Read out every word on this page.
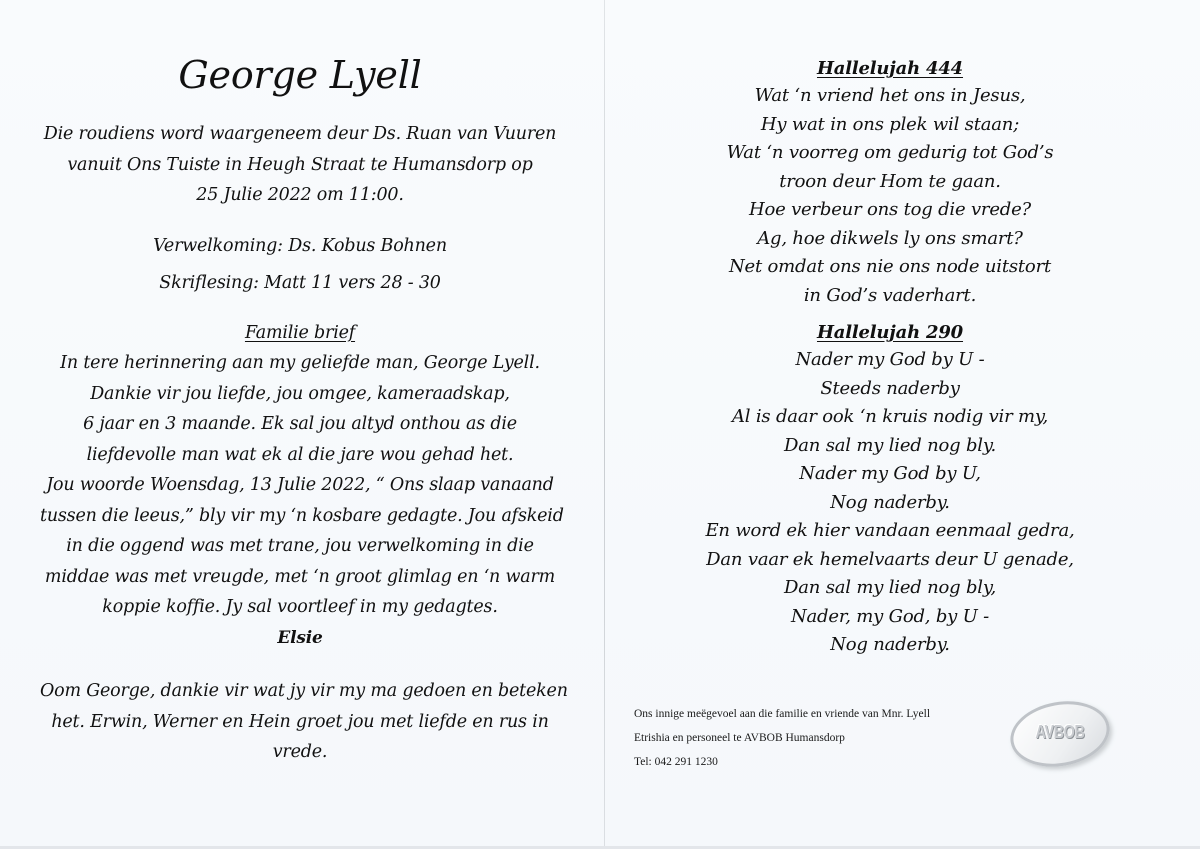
George Lyell
Die roudiens word waargeneem deur Ds. Ruan van Vuuren
vanuit Ons Tuiste in Heugh Straat te Humansdorp op
25 Julie 2022 om 11:00.
Verwelkoming: Ds. Kobus Bohnen
Skriflesing: Matt 11 vers 28 - 30
Familie brief
In tere herinnering aan my geliefde man, George Lyell.
Dankie vir jou liefde, jou omgee, kameraadskap,
6 jaar en 3 maande. Ek sal jou altyd onthou as die
liefdevolle man wat ek al die jare wou gehad het.
Jou woorde Woensdag, 13 Julie 2022, “ Ons slaap vanaand
tussen die leeus,” bly vir my ‘n kosbare gedagte. Jou afskeid
in die oggend was met trane, jou verwelkoming in die
middae was met vreugde, met ‘n groot glimlag en ‘n warm
koppie koffie. Jy sal voortleef in my gedagtes.
Elsie
Oom George, dankie vir wat jy vir my ma gedoen en beteken
het. Erwin, Werner en Hein groet jou met liefde en rus in
vrede.
Hallelujah 444
Wat ‘n vriend het ons in Jesus,
Hy wat in ons plek wil staan;
Wat ‘n voorreg om gedurig tot God’s
troon deur Hom te gaan.
Hoe verbeur ons tog die vrede?
Ag, hoe dikwels ly ons smart?
Net omdat ons nie ons node uitstort
in God’s vaderhart.
Hallelujah 290
Nader my God by U -
Steeds naderby
Al is daar ook ‘n kruis nodig vir my,
Dan sal my lied nog bly.
Nader my God by U,
Nog naderby.
En word ek hier vandaan eenmaal gedra,
Dan vaar ek hemelvaarts deur U genade,
Dan sal my lied nog bly,
Nader, my God, by U -
Nog naderby.
Ons innige meëgevoel aan die familie en vriende van Mnr. Lyell
Etrishia en personeel te AVBOB Humansdorp
Tel: 042 291 1230
AVBOB
